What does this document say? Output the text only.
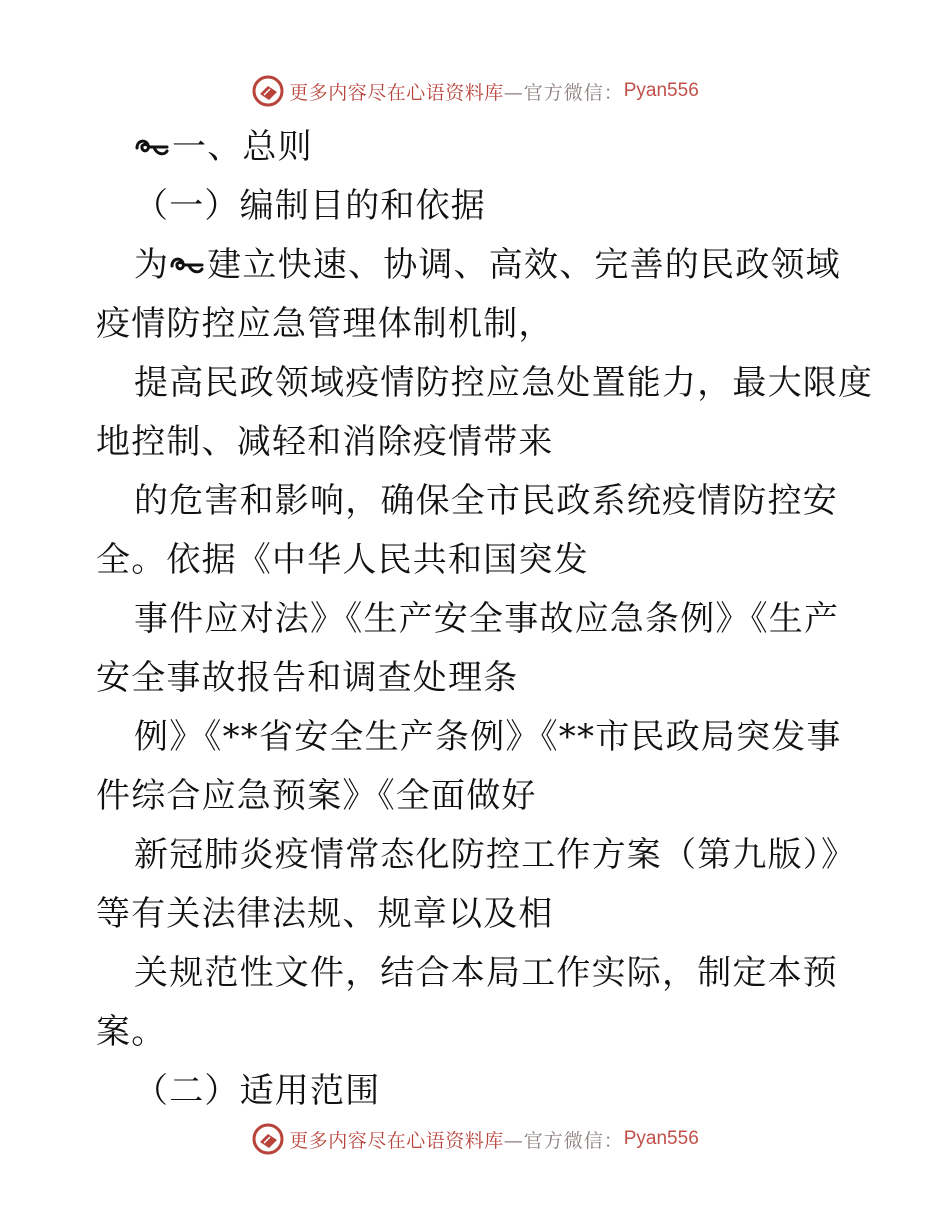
更多内容尽在心语资料库 —官方微信： Pyan556
一、总则
（一）编制目的和依据
为 建立快速、协调、高效、完善的民政领域
疫情防控应急管理体制机制，
提高民政领域疫情防控应急处置能力，最大限度
地控制、减轻和消除疫情带来
的危害和影响，确保全市民政系统疫情防控安
全。依据《中华人民共和国突发
事件应对法》《生产安全事故应急条例》《生产
安全事故报告和调查处理条
例》《**省安全生产条例》《**市民政局突发事
件综合应急预案》《全面做好
新冠肺炎疫情常态化防控工作方案（第九版）》
等有关法律法规、规章以及相
关规范性文件，结合本局工作实际，制定本预
案。
（二）适用范围
更多内容尽在心语资料库 —官方微信： Pyan556
